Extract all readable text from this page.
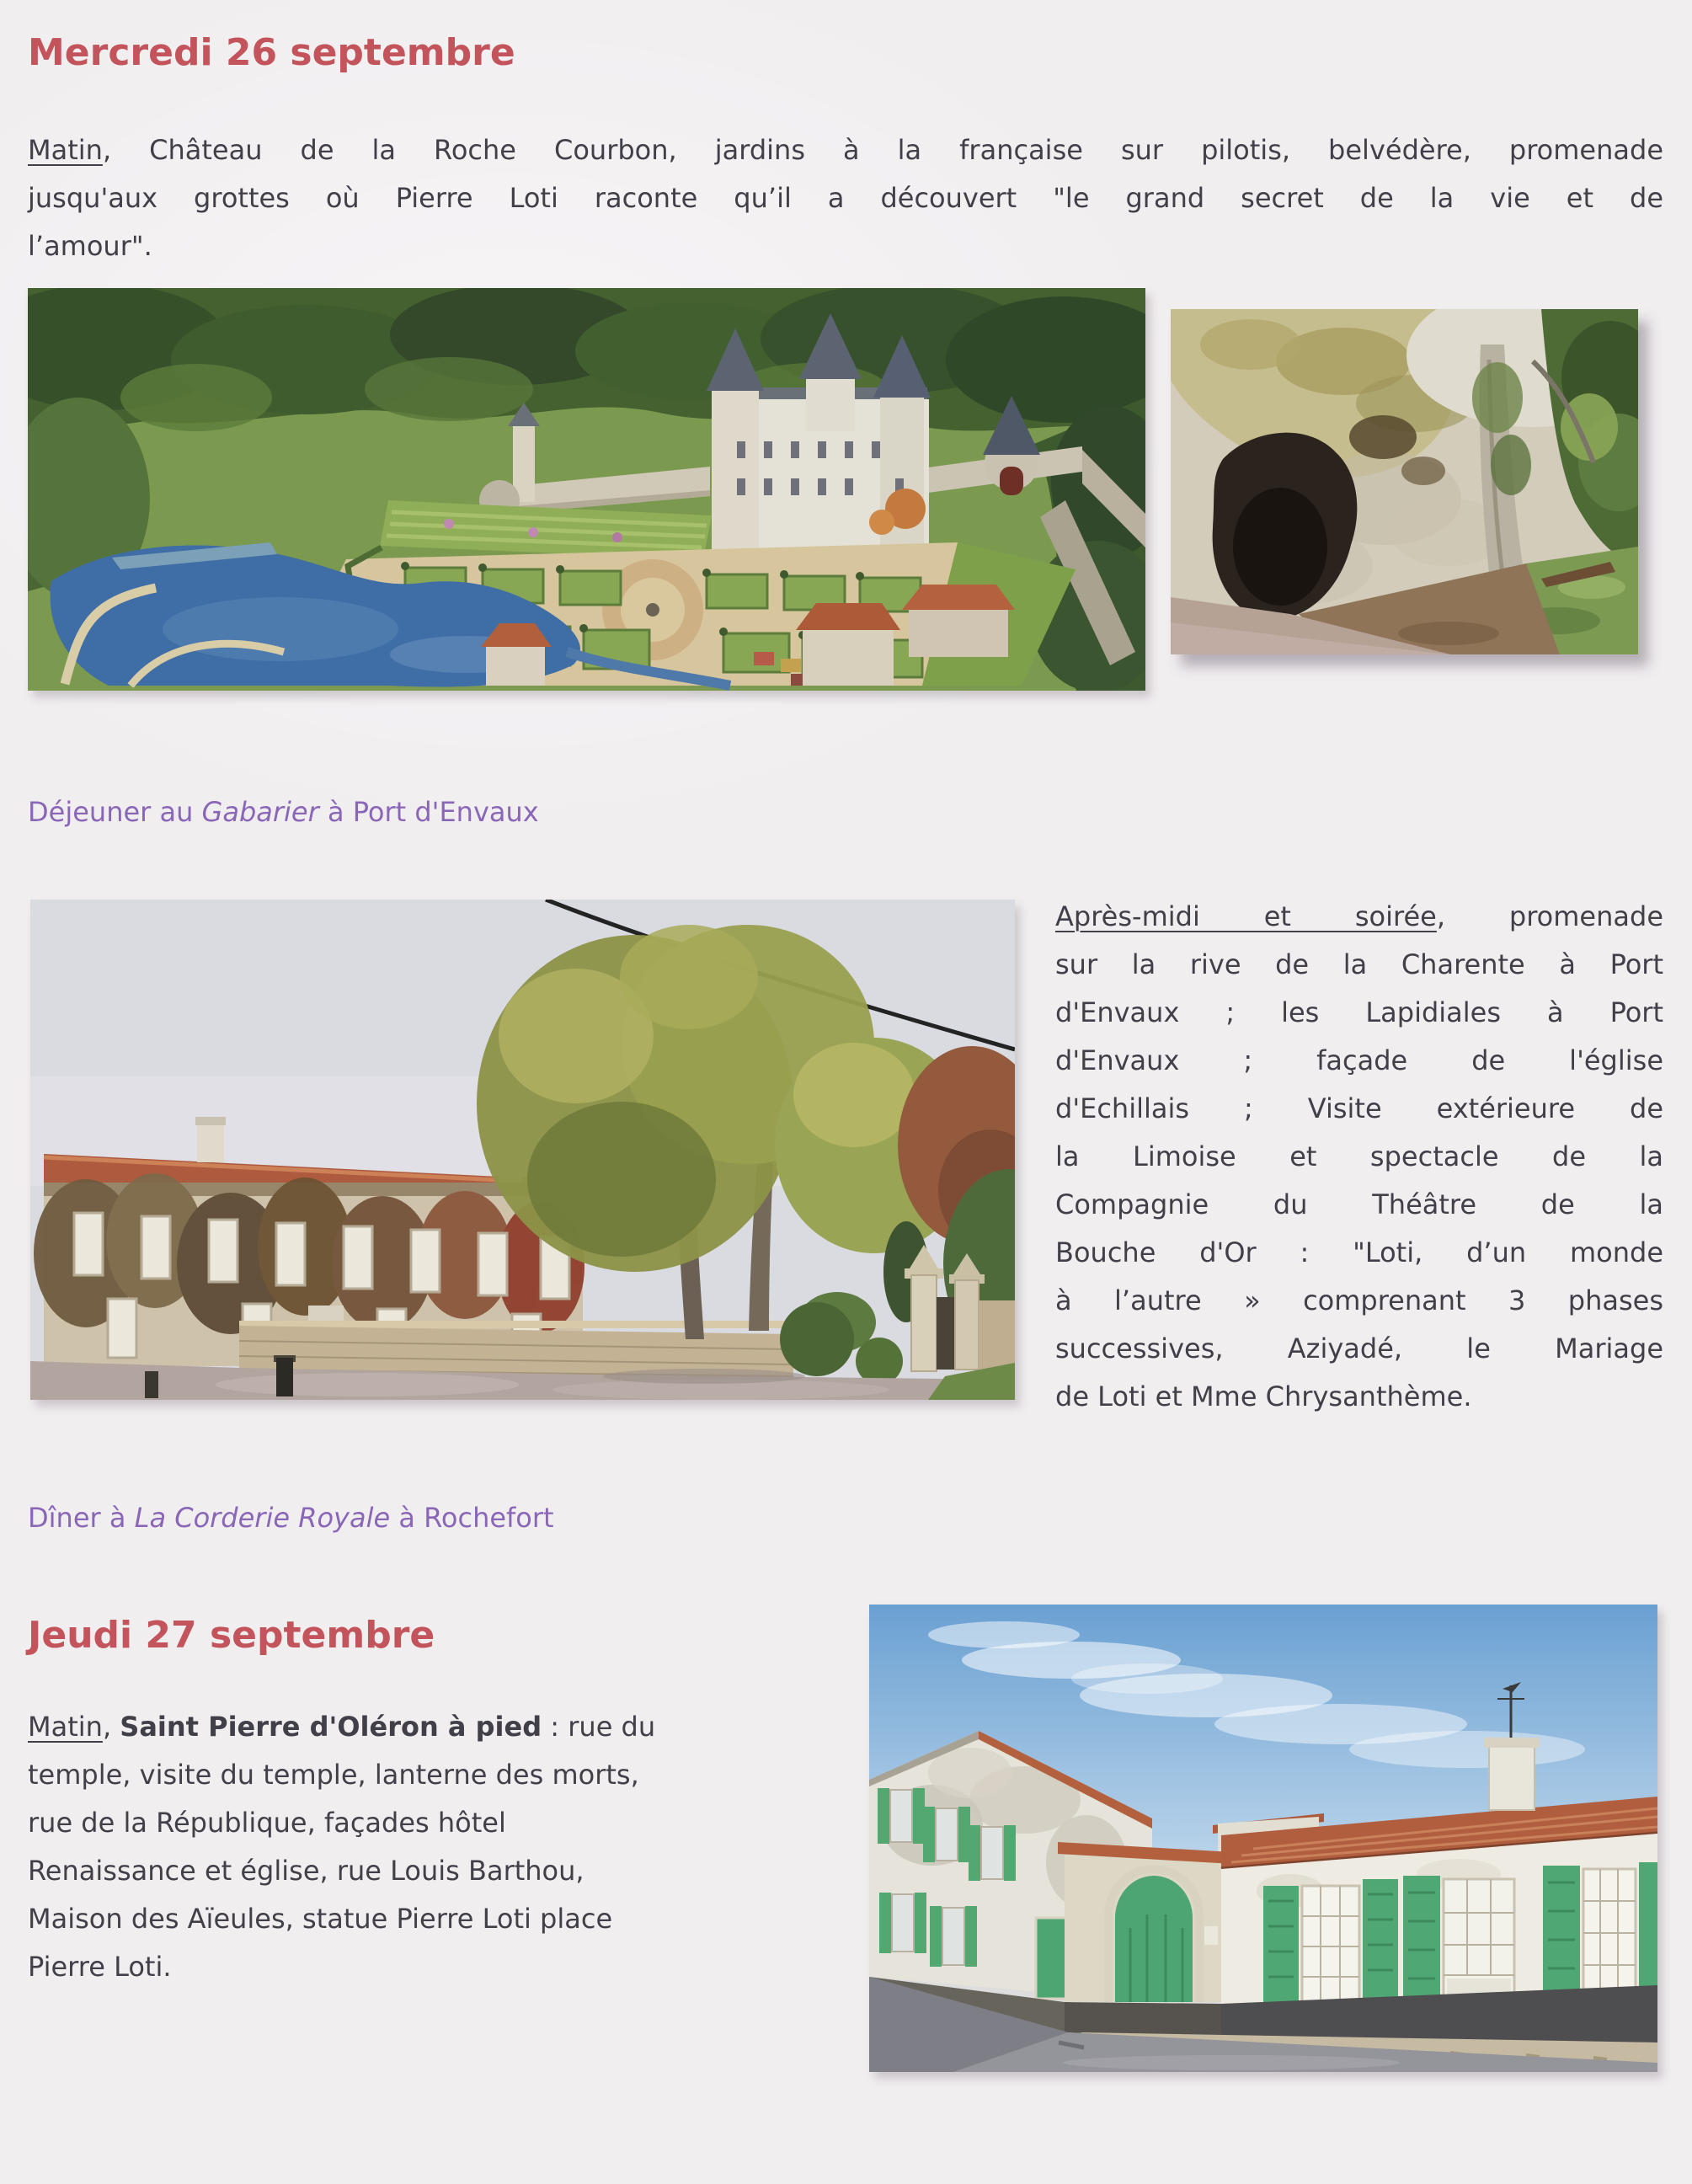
Mercredi 26 septembre
Matin, Château de la Roche Courbon, jardins à la française sur pilotis, belvédère, promenade
jusqu'aux grottes où Pierre Loti raconte qu’il a découvert "le grand secret de la vie et de
l’amour".
Déjeuner au Gabarier à Port d'Envaux
Après-midi et soirée, promenade
sur la rive de la Charente à Port
d'Envaux ; les Lapidiales à Port
d'Envaux ; façade de l'église
d'Echillais ; Visite extérieure de
la Limoise et spectacle de la
Compagnie du Théâtre de la
Bouche d'Or : "Loti, d’un monde
à l’autre » comprenant 3 phases
successives, Aziyadé, le Mariage
de Loti et Mme Chrysanthème.
Dîner à La Corderie Royale à Rochefort
Jeudi 27 septembre
Matin, Saint Pierre d'Oléron à pied : rue du
temple, visite du temple, lanterne des morts,
rue de la République, façades hôtel
Renaissance et église, rue Louis Barthou,
Maison des Aïeules, statue Pierre Loti place
Pierre Loti.
